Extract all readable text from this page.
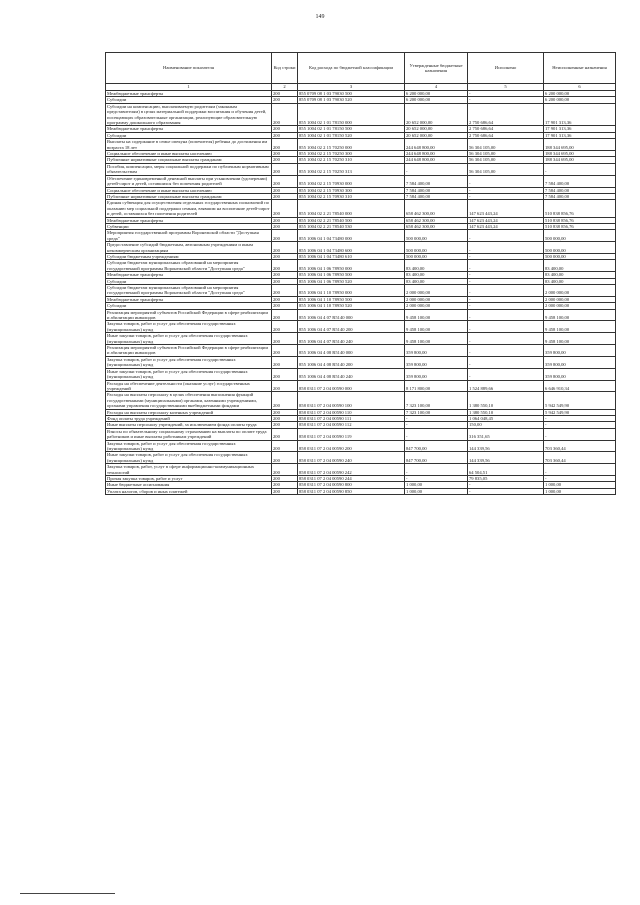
149
Наименование показателя	Код строки	Код расхода по бюджетной классификации	Утвержденные бюджетные назначения	Исполнено	Неисполненные назначения
1	2	3	4	5	6
Межбюджетные трансферты	200	855 0709 08 1 03 79030 500	6 200 000,00	-	6 200 000,00
Субсидии	200	855 0709 08 1 03 79030 520	6 200 000,00	-	6 200 000,00
Субсидии на компенсацию, выплачиваемую родителям (законным представителям) в целях материальной поддержки воспитания и обучения детей, посещающих образовательные организации, реализующие образовательную программу дошкольного образования	200	855 1004 02 1 01 78150 000	20 652 000,00	2 750 686,64	17 901 313,36
Межбюджетные трансферты	200	855 1004 02 1 01 78150 500	20 652 000,00	2 750 686,64	17 901 313,36
Субсидии	200	855 1004 02 1 01 78150 520	20 652 000,00	2 750 686,64	17 901 313,36
Выплаты на содержание в семье опекуна (попечителя) ребенка до достижения им возраста 18 лет	200	855 1004 02 2 15 70250 000	244 648 800,00	56 304 105,00	188 344 695,00
Социальное обеспечение и иные выплаты населению	200	855 1004 02 2 15 70250 300	244 648 800,00	56 304 105,00	188 344 695,00
Публичные нормативные социальные выплаты гражданам	200	855 1004 02 2 15 70250 310	244 648 800,00	56 304 105,00	188 344 695,00
Пособия, компенсации, меры социальной поддержки по публичным нормативным обязательствам	200	855 1004 02 2 15 70250 313	-	56 304 105,00	-
Обеспечение единовременной денежной выплаты при усыновлении (удочерении) детей-сирот и детей, оставшихся без попечения родителей	200	855 1004 02 2 15 70930 000	7 584 400,00	-	7 584 400,00
Социальное обеспечение и иные выплаты населению	200	855 1004 02 2 15 70930 300	7 584 400,00	-	7 584 400,00
Публичные нормативные социальные выплаты гражданам	200	855 1004 02 2 15 70930 310	7 584 400,00	-	7 584 400,00
Единая субвенция для осуществления отдельных государственных полномочий по оказанию мер социальной поддержки семьям, взявшим на воспитание детей-сирот и детей, оставшихся без попечения родителей	200	855 1004 02 2 21 78540 000	658 462 300,00	147 623 443,24	510 838 856,76
Межбюджетные трансферты	200	855 1004 02 2 21 78540 500	658 462 300,00	147 623 443,24	510 838 856,76
Субвенции	200	855 1004 02 2 21 78540 530	658 462 300,00	147 623 443,24	510 838 856,76
Мероприятия государственной программы Воронежской области "Доступная среда"	200	855 1006 04 1 04 73480 000	500 000,00	-	500 000,00
Предоставление субсидий бюджетным, автономным учреждениям и иным некоммерческим организациям	200	855 1006 04 1 04 73480 600	500 000,00	-	500 000,00
Субсидии бюджетным учреждениям	200	855 1006 04 1 04 73480 610	500 000,00	-	500 000,00
Субсидии бюджетам муниципальных образований на мероприятия государственной программы Воронежской области "Доступная среда"	200	855 1006 04 1 06 78950 000	83 400,00	-	83 400,00
Межбюджетные трансферты	200	855 1006 04 1 06 78950 500	83 400,00	-	83 400,00
Субсидии	200	855 1006 04 1 06 78950 520	83 400,00	-	83 400,00
Субсидии бюджетам муниципальных образований на мероприятия государственной программы Воронежской области "Доступная среда"	200	855 1006 04 1 10 78950 000	2 000 000,00	-	2 000 000,00
Межбюджетные трансферты	200	855 1006 04 1 10 78950 500	2 000 000,00	-	2 000 000,00
Субсидии	200	855 1006 04 1 10 78950 520	2 000 000,00	-	2 000 000,00
Реализация мероприятий субъектов Российской Федерации в сфере реабилитации и абилитации инвалидов	200	855 1006 04 4 07 R5140 000	9 458 100,00	-	9 458 100,00
Закупка товаров, работ и услуг для обеспечения государственных (муниципальных) нужд	200	855 1006 04 4 07 R5140 200	9 458 100,00	-	9 458 100,00
Иные закупки товаров, работ и услуг для обеспечения государственных (муниципальных) нужд	200	855 1006 04 4 07 R5140 240	9 458 100,00	-	9 458 100,00
Реализация мероприятий субъектов Российской Федерации в сфере реабилитации и абилитации инвалидов	200	855 1006 04 4 08 R5140 000	359 800,00	-	359 800,00
Закупка товаров, работ и услуг для обеспечения государственных (муниципальных) нужд	200	855 1006 04 4 08 R5140 200	359 800,00	-	359 800,00
Иные закупки товаров, работ и услуг для обеспечения государственных (муниципальных) нужд	200	855 1006 04 4 08 R5140 240	359 800,00	-	359 800,00
Расходы на обеспечение деятельности (оказание услуг) государственных учреждений	200	858 0311 07 2 04 00590 000	8 171 800,00	1 524 889,66	6 646 910,34
Расходы на выплаты персоналу в целях обеспечения выполнения функций государственными (муниципальными) органами, казенными учреждениями, органами управления государственными внебюджетными фондами	200	858 0311 07 2 04 00590 100	7 323 100,00	1 380 550,10	5 942 549,90
Расходы на выплаты персоналу казенных учреждений	200	858 0311 07 2 04 00590 110	7 323 100,00	1 380 550,10	5 942 549,90
Фонд оплаты труда учреждений	200	858 0311 07 2 04 00590 111	-	1 064 048,45	-
Иные выплаты персоналу учреждений, за исключением фонда оплаты труда	200	858 0311 07 2 04 00590 112	-	150,00	-
Взносы по обязательному социальному страхованию на выплаты по оплате труда работников и иные выплаты работникам учреждений	200	858 0311 07 2 04 00590 119	-	316 351,65	-
Закупка товаров, работ и услуг для обеспечения государственных (муниципальных) нужд	200	858 0311 07 2 04 00590 200	847 700,00	144 339,56	703 360,44
Иные закупки товаров, работ и услуг для обеспечения государственных (муниципальных) нужд	200	858 0311 07 2 04 00590 240	847 700,00	144 339,56	703 360,44
Закупка товаров, работ, услуг в сфере информационно-коммуникационных технологий	200	858 0311 07 2 04 00590 242	-	64 504,51	-
Прочая закупка товаров, работ и услуг	200	858 0311 07 2 04 00590 244	-	79 835,05	-
Иные бюджетные ассигнования	200	858 0311 07 2 04 00590 800	1 000,00	-	1 000,00
Уплата налогов, сборов и иных платежей	200	858 0311 07 2 04 00590 850	1 000,00	-	1 000,00
